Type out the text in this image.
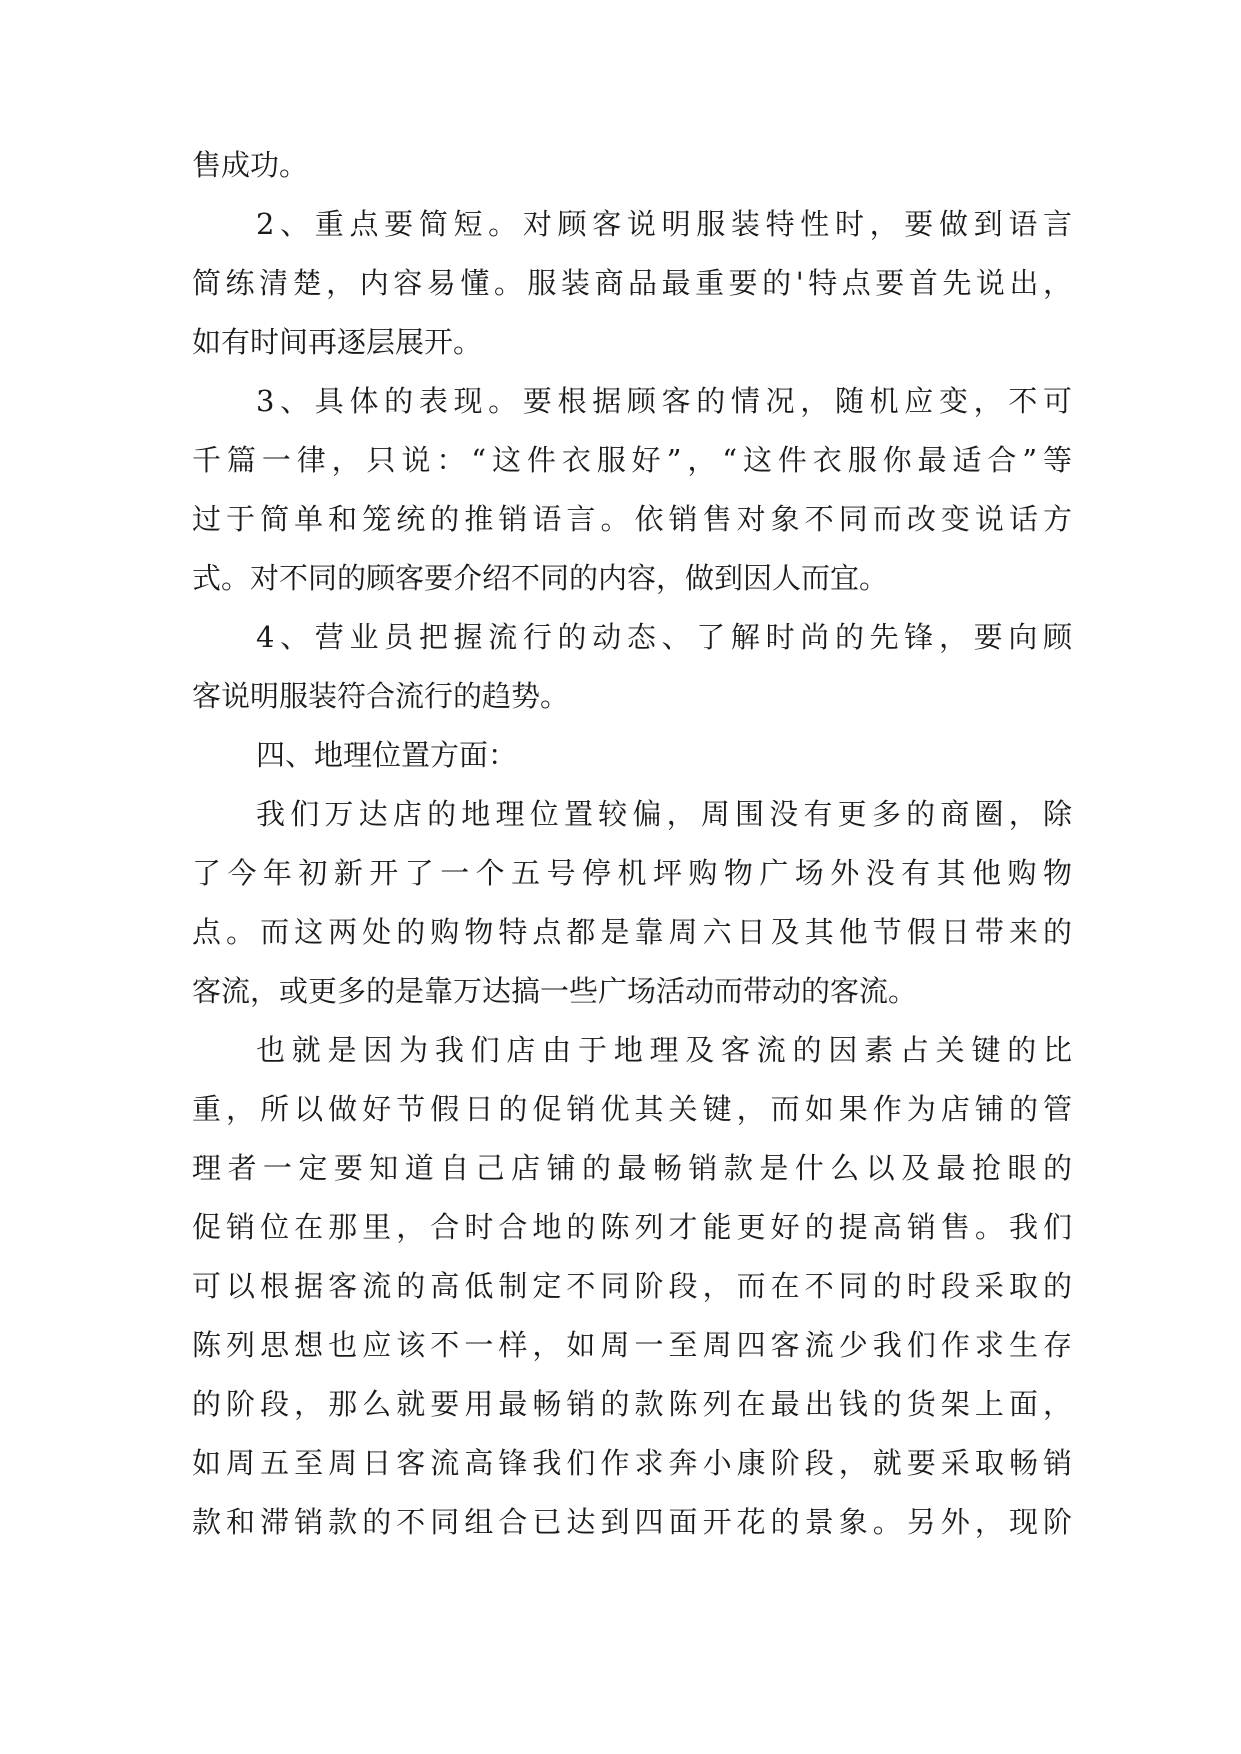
售成功。
2、重点要简短。对顾客说明服装特性时，要做到语言
简练清楚，内容易懂。服装商品最重要的'特点要首先说出，
如有时间再逐层展开。
3、具体的表现。要根据顾客的情况，随机应变，不可
千篇一律，只说：“这件衣服好”，“这件衣服你最适合”等
过于简单和笼统的推销语言。依销售对象不同而改变说话方
式。对不同的顾客要介绍不同的内容，做到因人而宜。
4、营业员把握流行的动态、了解时尚的先锋，要向顾
客说明服装符合流行的趋势。
四、地理位置方面：
我们万达店的地理位置较偏，周围没有更多的商圈，除
了今年初新开了一个五号停机坪购物广场外没有其他购物
点。而这两处的购物特点都是靠周六日及其他节假日带来的
客流，或更多的是靠万达搞一些广场活动而带动的客流。
也就是因为我们店由于地理及客流的因素占关键的比
重，所以做好节假日的促销优其关键，而如果作为店铺的管
理者一定要知道自己店铺的最畅销款是什么以及最抢眼的
促销位在那里，合时合地的陈列才能更好的提高销售。我们
可以根据客流的高低制定不同阶段，而在不同的时段采取的
陈列思想也应该不一样，如周一至周四客流少我们作求生存
的阶段，那么就要用最畅销的款陈列在最出钱的货架上面，
如周五至周日客流高锋我们作求奔小康阶段，就要采取畅销
款和滞销款的不同组合已达到四面开花的景象。另外，现阶
